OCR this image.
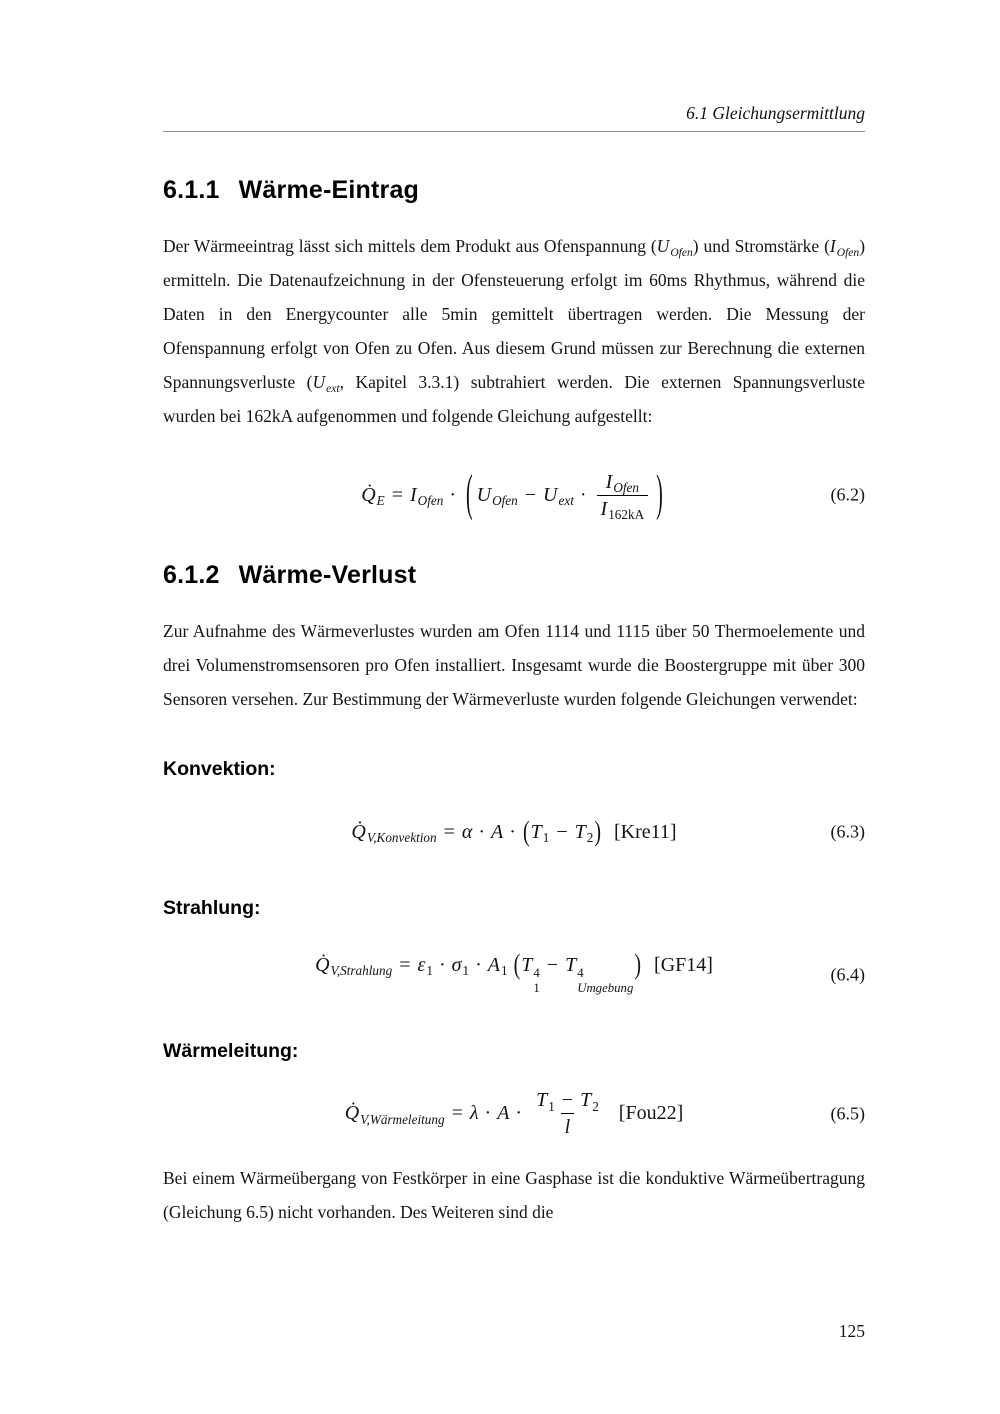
6.1 Gleichungsermittlung
6.1.1 Wärme-Eintrag

Der Wärmeeintrag lässt sich mittels dem Produkt aus Ofenspannung $(U_{Ofen})$ und Stromstärke $(I_{Ofen})$ ermitteln. Die Datenaufzeichnung in der Ofensteuerung erfolgt im 60ms Rhythmus, während die Daten in den Energycounter alle 5min gemittelt übertragen werden. Die Messung der Ofenspannung erfolgt von Ofen zu Ofen. Aus diesem Grund müssen zur Berechnung die externen Spannungsverluste ($U_{ext}$, Kapitel 3.3.1) subtrahiert werden. Die externen Spannungsverluste wurden bei 162kA aufgenommen und folgende Gleichung aufgestellt:

$Q̇_E = I_{Ofen}$ · ( $U_{Ofen} - U_{ext} \cdot \frac{I_{Ofen}}{I_{162kA}}$ )	(6.2)
6.1.2 Wärme-Verlust

Zur Aufnahme des Wärmeverlustes wurden am Ofen 1114 und 1115 über 50 Thermoelemente und drei Volumenstromsensoren pro Ofen installiert. Insgesamt wurde die Boostergruppe mit über 300 Sensoren versehen. Zur Bestimmung der Wärmeverluste wurden folgende Gleichungen verwendet:

Konvektion:
$Q̇_{V,Konvektion} = \alpha \cdot A \cdot (T_1 - T_2)$ [Kre11]	(6.3)
Strahlung:
$Q̇_{V,Strahlung} = \varepsilon_1 \cdot \sigma_1 \cdot A_1$ (T 4
1
− T 4
Umgebung
) [GF14]	(6.4)
Wärmeleitung:
$Q̇_{V,Wärmeleitung} = \lambda \cdot A \cdot \frac{T_1 - T_2}{l} [Fou22]$	(6.5)

Bei einem Wärmeübergang von Festkörper in eine Gasphase ist die konduktive Wärmeübertragung (Gleichung 6.5) nicht vorhanden. Des Weiteren sind die

125
